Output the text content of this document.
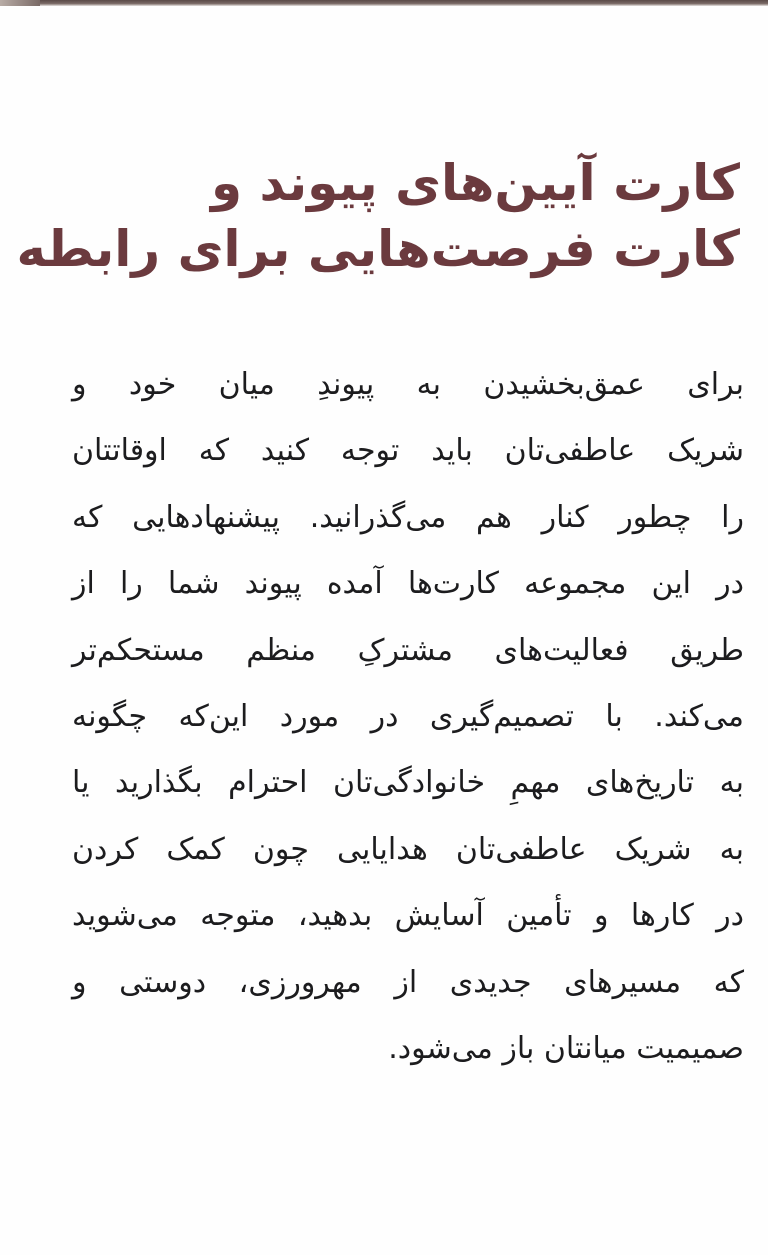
کارت آیین‌های پیوند و
کارت فرصت‌هایی برای رابطه
برای عمق‌بخشیدن به پیوندِ میان خود و
شریک عاطفی‌تان باید توجه کنید که اوقاتتان
را چطور کنار هم می‌گذرانید. پیشنهادهایی که
در این مجموعه کارت‌ها آمده پیوند شما را از
طریق فعالیت‌های مشترکِ منظم مستحکم‌تر
می‌کند. با تصمیم‌گیری در مورد این‌که چگونه
به تاریخ‌های مهمِ خانوادگی‌تان احترام بگذارید یا
به شریک عاطفی‌تان هدایایی چون کمک کردن
در کارها و تأمین آسایش بدهید، متوجه می‌شوید
که مسیرهای جدیدی از مهرورزی، دوستی و
صمیمیت میانتان باز می‌شود.
